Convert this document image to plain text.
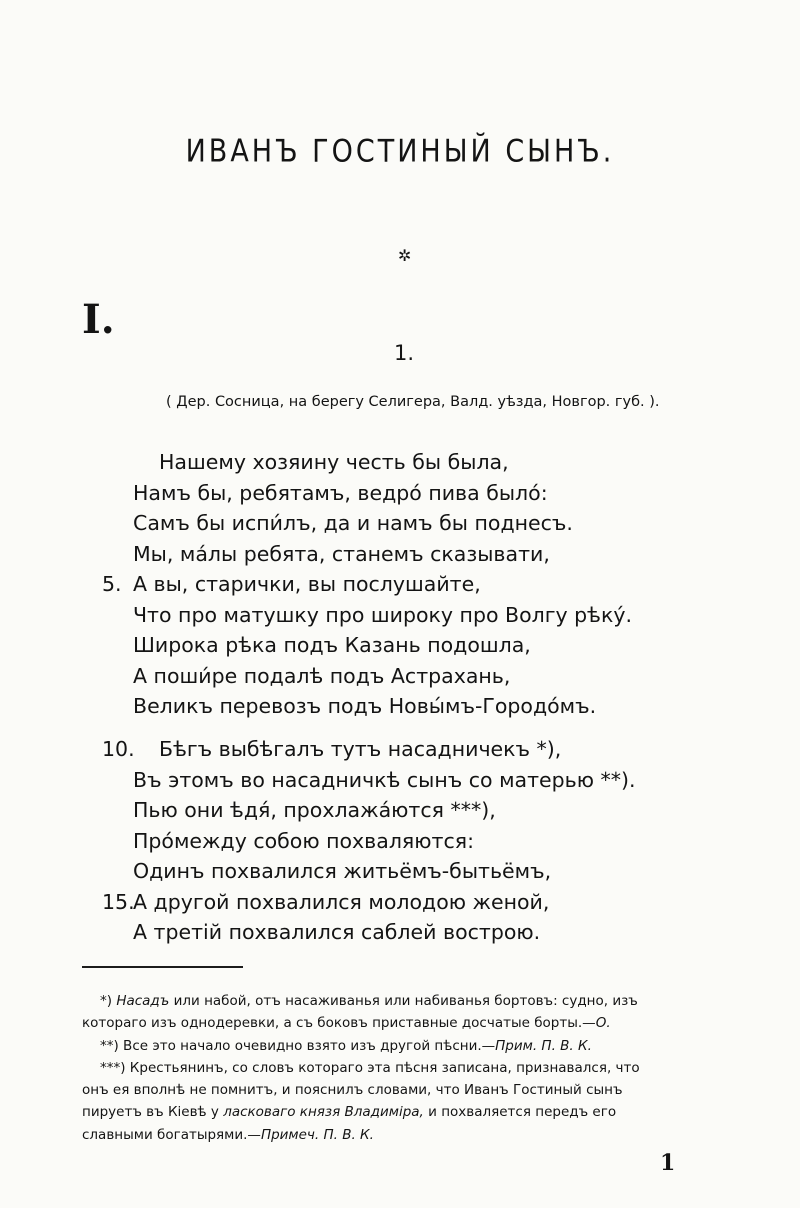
ИВАНЪ ГОСТИНЫЙ СЫНЪ.
✲
I.
1.
( Дер. Сосница, на берегу Селигера, Валд. уѣзда, Новгор. губ. ).
Нашему хозяину честь бы была,
Намъ бы, ребятамъ, ведро́ пива было́:
Самъ бы испи́лъ, да и намъ бы поднесъ.
Мы, ма́лы ребята, станемъ сказывати,
5. А вы, старички, вы послушайте,
Что про матушку про широку про Волгу рѣку́.
Широка рѣка подъ Казань подошла,
А поши́ре подалѣ подъ Астрахань,
Великъ перевозъ подъ Новы́мъ-Городо́мъ.
10.	Бѣгъ выбѣгалъ тутъ насадничекъ *),
Въ этомъ во насадничкѣ сынъ со матерью **).
Пью они ѣдя́, прохлажа́ются ***),
Про́между собою похваляются:
Одинъ похвалился житьёмъ-бытьёмъ,
15.
А другой похвалился молодою женой,
А третій похвалился саблей вострою.
*) Насадъ или набой, отъ насаживанья или набиванья бортовъ: судно, изъ
котораго изъ однодеревки, а съ боковъ приставные досчатые борты.—О.
**) Все это начало очевидно взято изъ другой пѣсни.—Прим. П. В. К.
***) Крестьянинъ, со словъ котораго эта пѣсня записана, признавался, что
онъ ея вполнѣ не помнитъ, и пояснилъ словами, что Иванъ Гостиный сынъ
пируетъ въ Кіевѣ у ласковаго князя Владиміра, и похваляется передъ его
славными богатырями.—Примеч. П. В. К.
1
